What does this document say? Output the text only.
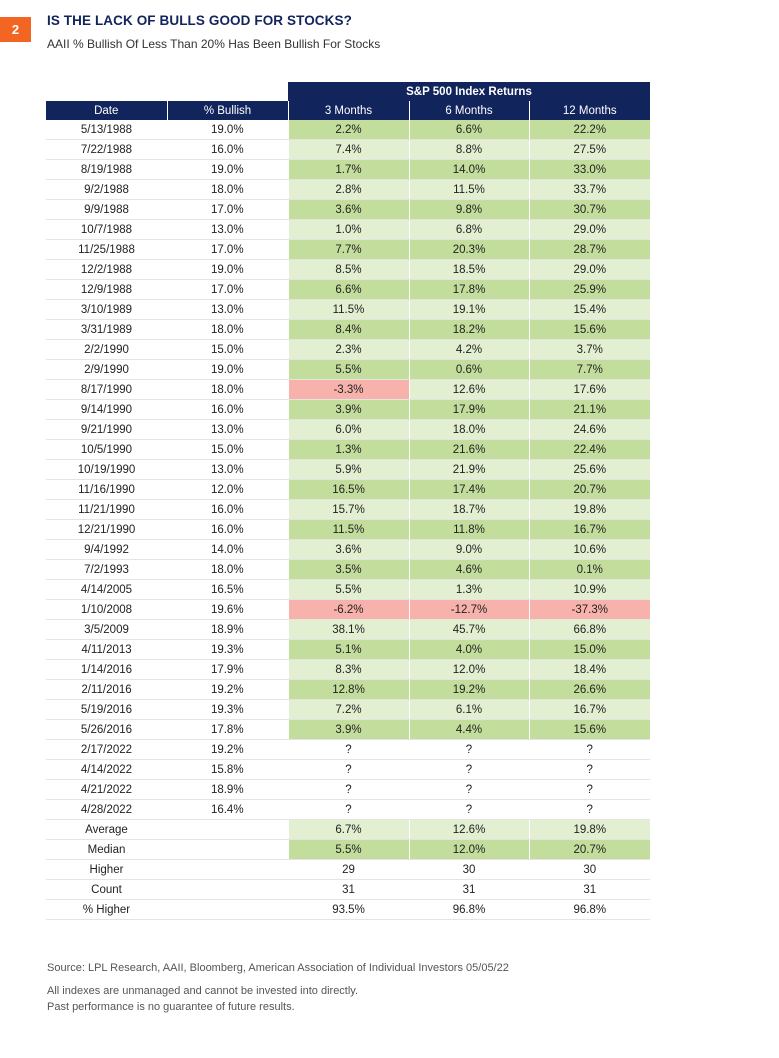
2
IS THE LACK OF BULLS GOOD FOR STOCKS?
AAII % Bullish Of Less Than 20% Has Been Bullish For Stocks
S&P 500 Index Returns
Date	% Bullish	3 Months	6 Months	12 Months
5/13/1988	19.0%	2.2%	6.6%	22.2%
7/22/1988	16.0%	7.4%	8.8%	27.5%
8/19/1988	19.0%	1.7%	14.0%	33.0%
9/2/1988	18.0%	2.8%	11.5%	33.7%
9/9/1988	17.0%	3.6%	9.8%	30.7%
10/7/1988	13.0%	1.0%	6.8%	29.0%
11/25/1988	17.0%	7.7%	20.3%	28.7%
12/2/1988	19.0%	8.5%	18.5%	29.0%
12/9/1988	17.0%	6.6%	17.8%	25.9%
3/10/1989	13.0%	11.5%	19.1%	15.4%
3/31/1989	18.0%	8.4%	18.2%	15.6%
2/2/1990	15.0%	2.3%	4.2%	3.7%
2/9/1990	19.0%	5.5%	0.6%	7.7%
8/17/1990	18.0%	-3.3%	12.6%	17.6%
9/14/1990	16.0%	3.9%	17.9%	21.1%
9/21/1990	13.0%	6.0%	18.0%	24.6%
10/5/1990	15.0%	1.3%	21.6%	22.4%
10/19/1990	13.0%	5.9%	21.9%	25.6%
11/16/1990	12.0%	16.5%	17.4%	20.7%
11/21/1990	16.0%	15.7%	18.7%	19.8%
12/21/1990	16.0%	11.5%	11.8%	16.7%
9/4/1992	14.0%	3.6%	9.0%	10.6%
7/2/1993	18.0%	3.5%	4.6%	0.1%
4/14/2005	16.5%	5.5%	1.3%	10.9%
1/10/2008	19.6%	-6.2%	-12.7%	-37.3%
3/5/2009	18.9%	38.1%	45.7%	66.8%
4/11/2013	19.3%	5.1%	4.0%	15.0%
1/14/2016	17.9%	8.3%	12.0%	18.4%
2/11/2016	19.2%	12.8%	19.2%	26.6%
5/19/2016	19.3%	7.2%	6.1%	16.7%
5/26/2016	17.8%	3.9%	4.4%	15.6%
2/17/2022	19.2%	?	?	?
4/14/2022	15.8%	?	?	?
4/21/2022	18.9%	?	?	?
4/28/2022	16.4%	?	?	?
Average		6.7%	12.6%	19.8%
Median		5.5%	12.0%	20.7%
Higher		29	30	30
Count		31	31	31
% Higher		93.5%	96.8%	96.8%
Source: LPL Research, AAII, Bloomberg, American Association of Individual Investors 05/05/22
All indexes are unmanaged and cannot be invested into directly.
Past performance is no guarantee of future results.
